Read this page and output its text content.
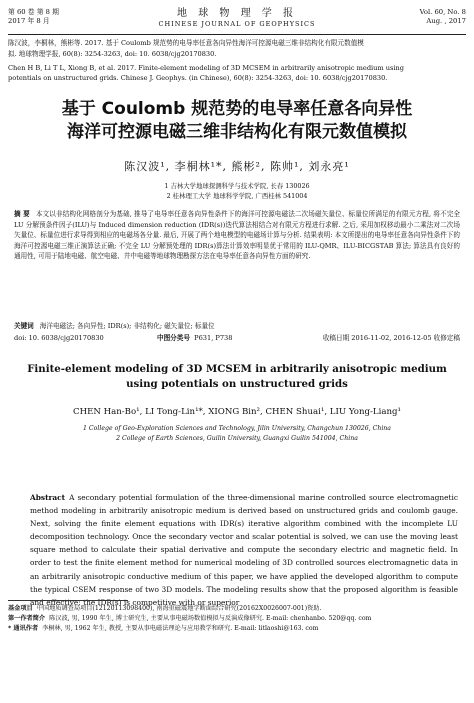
第 60 卷 第 8 期
2017 年 8 月
地 球 物 理 学 报
CHINESE JOURNAL OF GEOPHYSICS
Vol. 60, No. 8
Aug. , 2017

陈汉波，李桐林，熊彬等. 2017. 基于 Coulomb 规范势的电导率任意各向异性海洋可控源电磁三维非结构化有限元数值模

拟. 地球物理学报, 60(8): 3254-3263, doi: 10. 6038/cjg20170830.

Chen H B, Li T L, Xiong B, et al. 2017. Finite-element modeling of 3D MCSEM in arbitrarily anisotropic medium using

potentials on unstructured grids. Chinese J. Geophys. (in Chinese), 60(8): 3254-3263, doi: 10. 6038/cjg20170830.

基于 Coulomb 规范势的电导率任意各向异性
海洋可控源电磁三维非结构化有限元数值模拟
陈汉波¹, 李桐林¹*, 熊彬², 陈帅¹, 刘永亮¹
1 吉林大学地球探测科学与技术学院, 长春 130026
2 桂林理工大学 地球科学学院, 广西桂林 541004
摘 要 本文以非结构化网格剖分为基础, 推导了电导率任意各向异性条件下的海洋可控源电磁法二次场磁矢量位、标量位所满足的有限元方程, 将不完全 LU 分解预条件因子(ILU)与 Induced dimension reduction (IDR(s))迭代算法相结合对有限元方程进行求解. 之后, 采用加权移动最小二乘法对二次场矢量位、标量位进行求导得到相应的电磁场各分量. 最后, 开展了两个地电模型的电磁场计算与分析. 结果表明: 本文所提出的电导率任意各向异性条件下的海洋可控源电磁三维正演算法正确; 不完全 LU 分解预处理的 IDR(s)算法计算效率明显优于常用的 ILU-QMR、ILU-BICGSTAB 算法; 算法具有良好的通用性, 可用于陆地电磁、航空电磁、井中电磁等地球物理勘探方法在电导率任意各向异性方面的研究.
关键词 海洋电磁法; 各向异性; IDR(s); 非结构化; 磁矢量位; 标量位
doi: 10. 6038/cjg20170830	中图分类号 P631, P738	收稿日期 2016-11-02, 2016-12-05 收修定稿
Finite-element modeling of 3D MCSEM in arbitrarily anisotropic medium
using potentials on unstructured grids
CHEN Han-Bo¹, LI Tong-Lin¹*, XIONG Bin², CHEN Shuai¹, LIU Yong-Liang¹
1 College of Geo-Exploration Sciences and Technology, Jilin University, Changchun 130026, China
2 College of Earth Sciences, Guilin University, Guangxi Guilin 541004, China
Abstract A secondary potential formulation of the three-dimensional marine controlled source electromagnetic method modeling in arbitrarily anisotropic medium is derived based on unstructured grids and coulomb gauge. Next, solving the finite element equations with IDR(s) iterative algorithm combined with the incomplete LU decomposition technology. Once the secondary vector and scalar potential is solved, we can use the moving least square method to calculate their spatial derivative and compute the secondary electric and magnetic field. In order to test the finite element method for numerical modeling of 3D controlled sources electromagnetic data in an arbitrarily anisotropic conductive medium of this paper, we have applied the developed algorithm to compute the typical CSEM response of two 3D models. The modeling results show that the proposed algorithm is feasible and effective; the IDR(s) is competitive with or superior

基金项目 中国地质调查局项目(12120113098400), 南海重磁震地学断面综合研究(20162X0026007-001)资助.

第一作者简介 陈汉波, 男, 1990 年生, 博士研究生, 主要从事电磁场数值模拟与反演成像研究. E-mail: chenhanbo. 520@qq. com

* 通讯作者 李桐林, 男, 1962 年生, 教授, 主要从事电磁法理论与应用教学和研究. E-mail: litlaoshi@163. com
